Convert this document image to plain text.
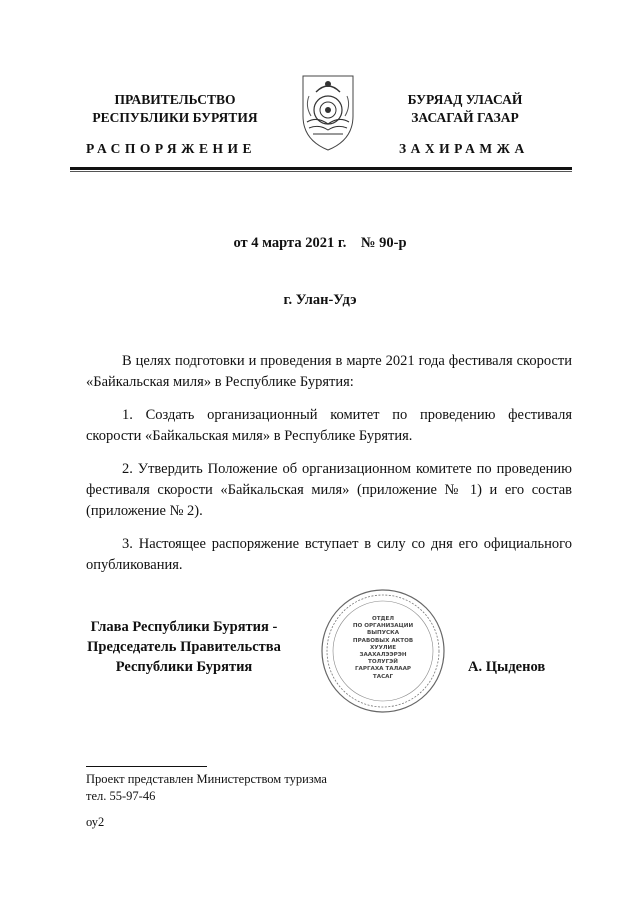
ПРАВИТЕЛЬСТВО
РЕСПУБЛИКИ БУРЯТИЯ
РАСПОРЯЖЕНИЕ
БУРЯАД УЛАСАЙ
ЗАСАГАЙ ГАЗАР
ЗАХИРАМЖА
от 4 марта 2021 г.    № 90-р
г. Улан-Удэ
В целях подготовки и проведения в марте 2021 года фестиваля скорости «Байкальская миля» в Республике Бурятия:
1. Создать организационный комитет по проведению фестиваля скорости «Байкальская миля» в Республике Бурятия.
2. Утвердить Положение об организационном комитете по проведению фестиваля скорости «Байкальская миля» (приложение № 1) и его состав (приложение № 2).
3. Настоящее распоряжение вступает в силу со дня его официального опубликования.
Глава Республики Бурятия -
Председатель Правительства
Республики Бурятия
ОТДЕЛ
ПО ОРГАНИЗАЦИИ
ВЫПУСКА
ПРАВОВЫХ АКТОВ
ХУУЛИЕ
ЗААХАЛЭЭРЭН ТОЛУГЭЙ
ГАРГАХА ТАЛААР
ТАСАГ
А. Цыденов
Проект представлен Министерством туризма
тел. 55-97-46
оу2
